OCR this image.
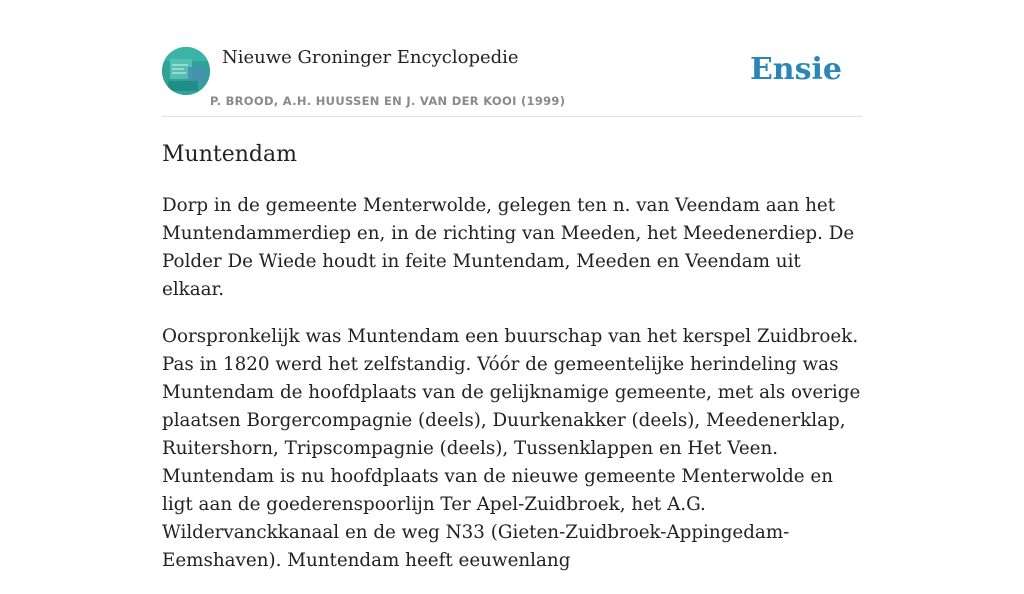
Nieuwe Groninger Encyclopedie
P. BROOD, A.H. HUUSSEN EN J. VAN DER KOOI (1999)
Ensie
Muntendam

Dorp in de gemeente Menterwolde, gelegen ten n. van Veendam aan het Muntendammerdiep en, in de richting van Meeden, het Meedenerdiep. De Polder De Wiede houdt in feite Muntendam, Meeden en Veendam uit elkaar.

Oorspronkelijk was Muntendam een buurschap van het kerspel Zuidbroek. Pas in 1820 werd het zelfstandig. Vóór de gemeentelijke herindeling was Muntendam de hoofdplaats van de gelijknamige gemeente, met als overige plaatsen Borgercompagnie (deels), Duurkenakker (deels), Meedenerklap, Ruitershorn, Tripscompagnie (deels), Tussenklappen en Het Veen. Muntendam is nu hoofdplaats van de nieuwe gemeente Menterwolde en ligt aan de goederenspoorlijn Ter Apel-Zuidbroek, het A.G. Wildervanckkanaal en de weg N33 (Gieten-Zuidbroek-Appingedam-Eemshaven). Muntendam heeft eeuwenlang
